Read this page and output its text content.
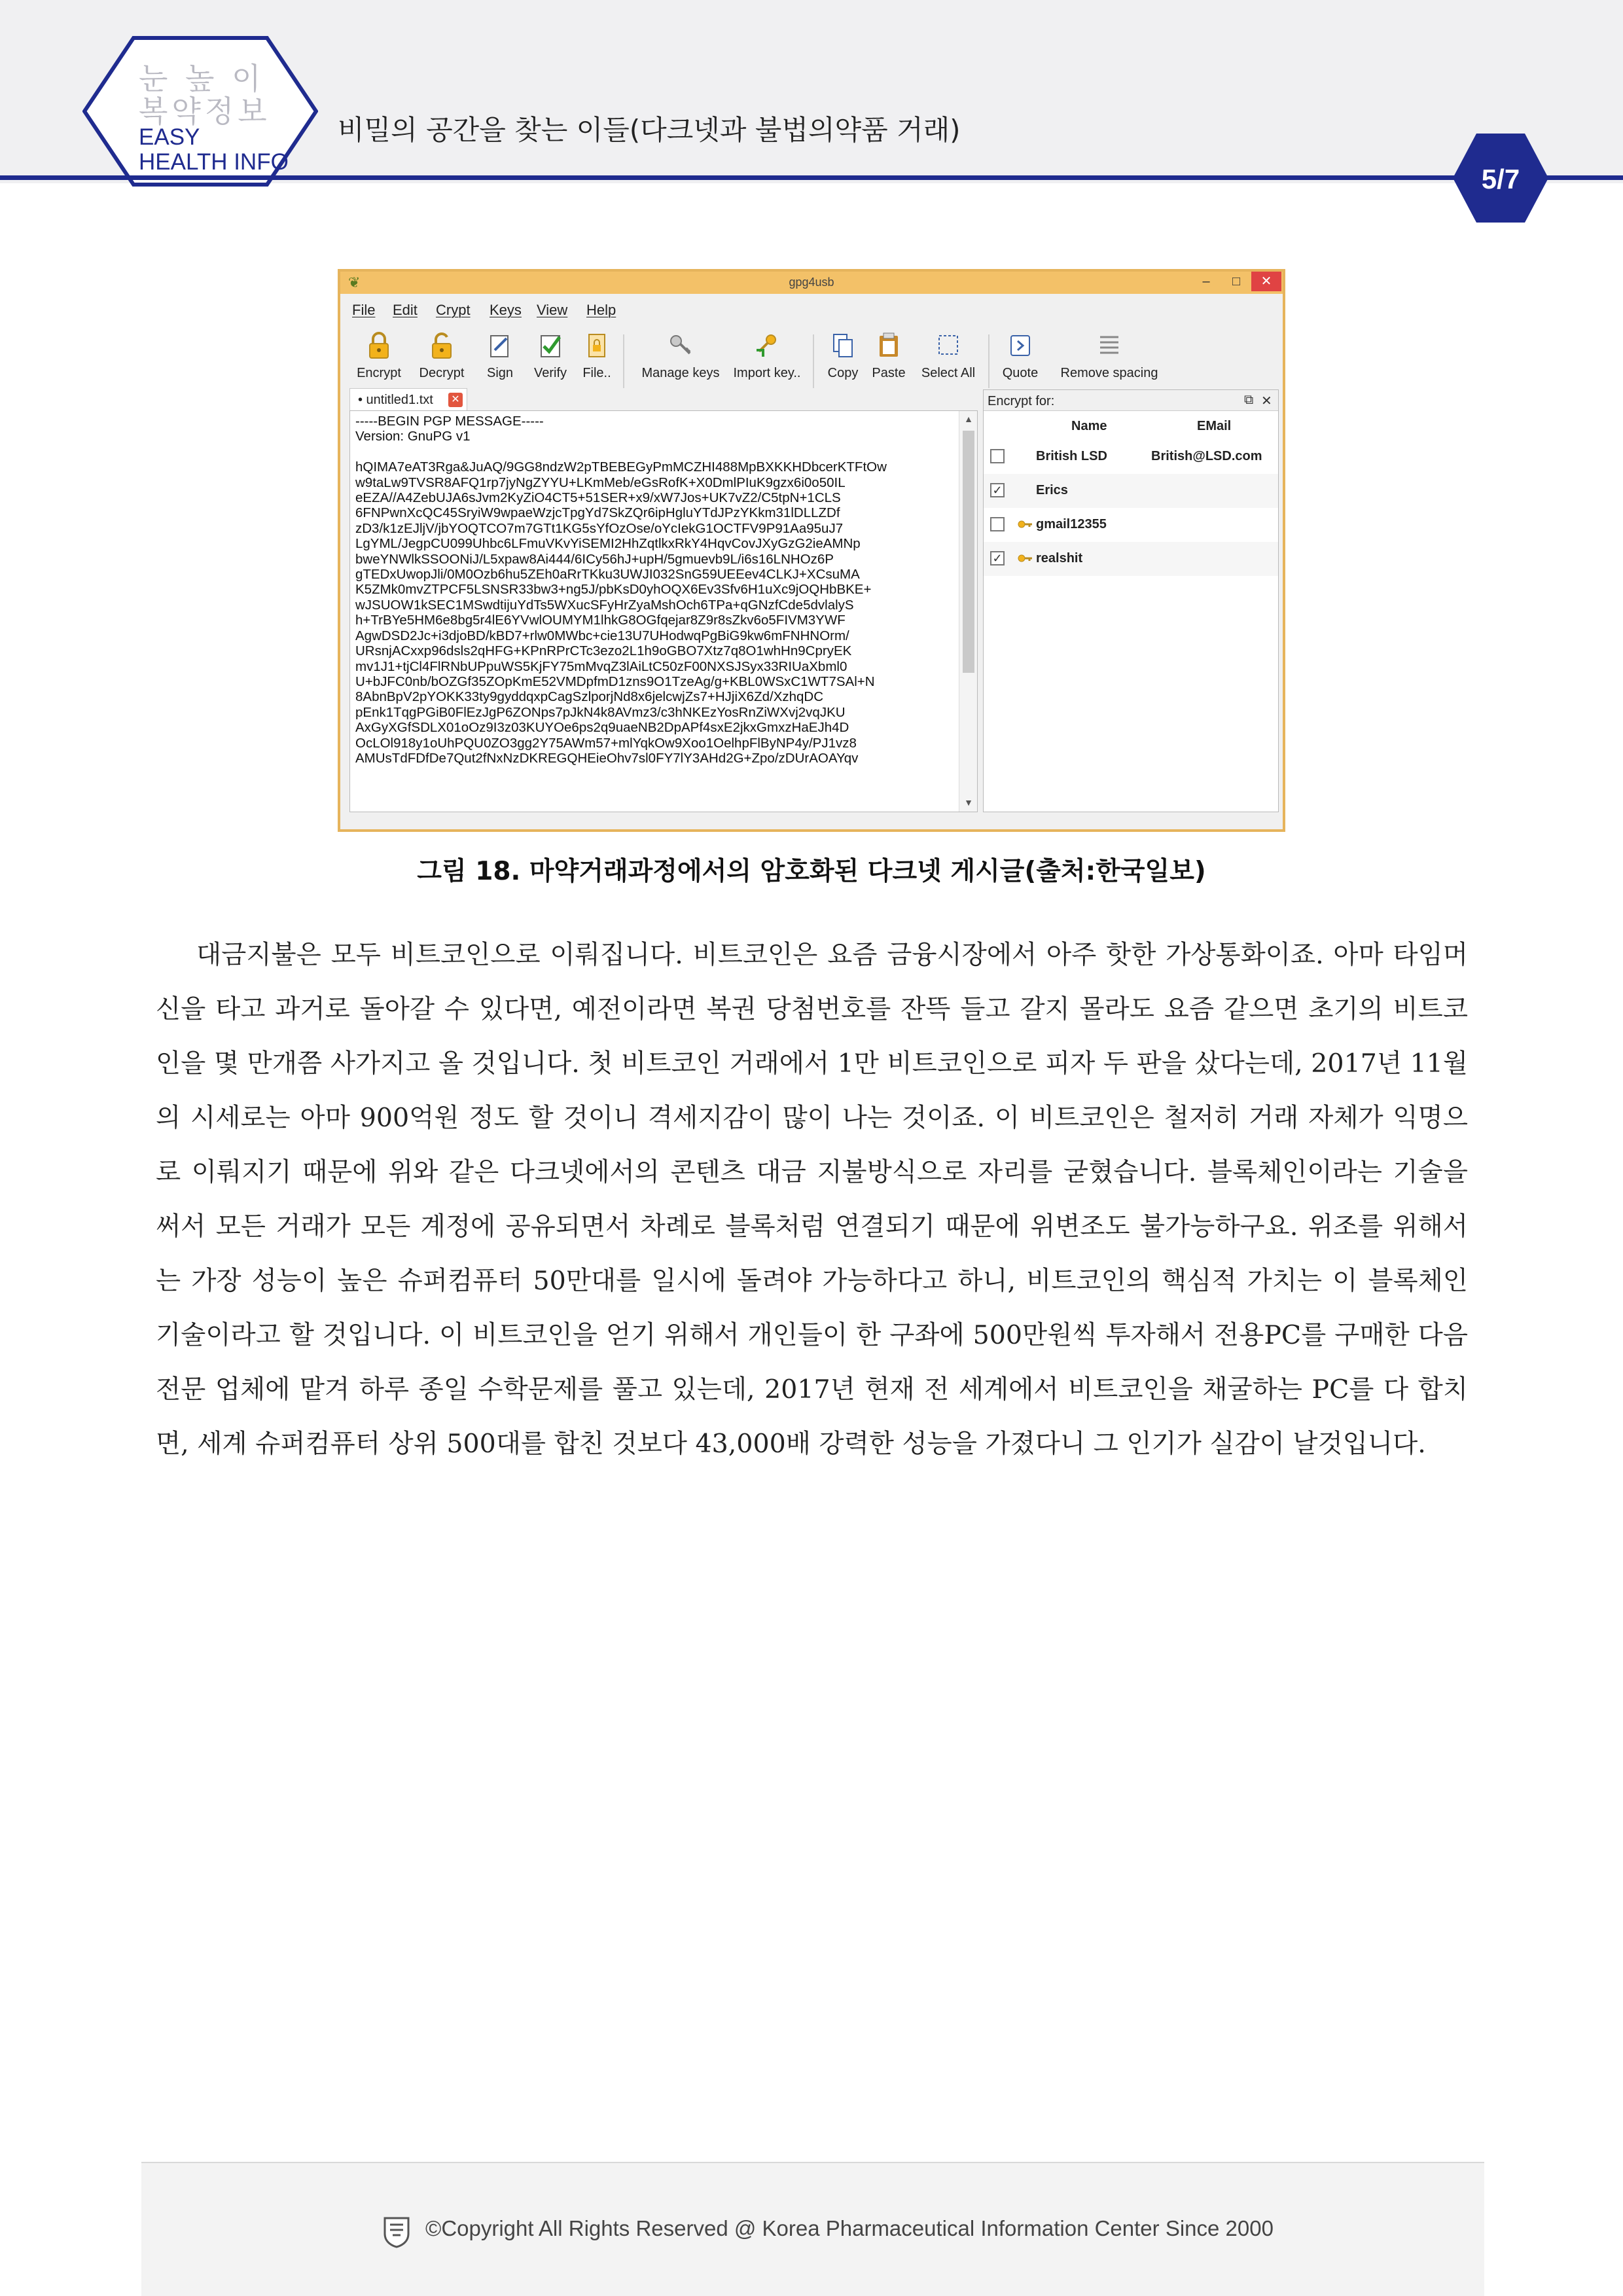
눈 높 이
복약정보
EASY
HEALTH INFO
비밀의 공간을 찾는 이들(다크넷과 불법의약품 거래)
5/7
❦	gpg4usb	–	□	✕
File Edit Crypt Keys View Help
Encrypt	Decrypt	Sign	Verify	File..	Manage keys	Import key..	Copy	Paste	Select All	Quote	Remove spacing
• untitled1.txt ✕
-----BEGIN PGP MESSAGE-----
Version: GnuPG v1

hQIMA7eAT3Rga&JuAQ/9GG8ndzW2pTBEBEGyPmMCZHI488MpBXKKHDbcerKTFtOw
w9taLw9TVSR8AFQ1rp7jyNgZYYU+LKmMeb/eGsRofK+X0DmlPIuK9gzx6i0o50IL
eEZA//A4ZebUJA6sJvm2KyZiO4CT5+51SER+x9/xW7Jos+UK7vZ2/C5tpN+1CLS
6FNPwnXcQC45SryiW9wpaeWzjcTpgYd7SkZQr6ipHgluYTdJPzYKkm31lDLLZDf
zD3/k1zEJljV/jbYOQTCO7m7GTt1KG5sYfOzOse/oYcIekG1OCTFV9P91Aa95uJ7
LgYML/JegpCU099Uhbc6LFmuVKvYiSEMI2HhZqtlkxRkY4HqvCovJXyGzG2ieAMNp
bweYNWlkSSOONiJ/L5xpaw8Ai444/6ICy56hJ+upH/5gmuevb9L/i6s16LNHOz6P
gTEDxUwopJli/0M0Ozb6hu5ZEh0aRrTKku3UWJI032SnG59UEEev4CLKJ+XCsuMA
K5ZMk0mvZTPCF5LSNSR33bw3+ng5J/pbKsD0yhOQX6Ev3Sfv6H1uXc9jOQHbBKE+
wJSUOW1kSEC1MSwdtijuYdTs5WXucSFyHrZyaMshOch6TPa+qGNzfCde5dvlalyS
h+TrBYe5HM6e8bg5r4lE6YVwlOUMYM1lhkG8OGfqejar8Z9r8sZkv6o5FIVM3YWF
AgwDSD2Jc+i3djoBD/kBD7+rlw0MWbc+cie13U7UHodwqPgBiG9kw6mFNHNOrm/
URsnjACxxp96dsls2qHFG+KPnRPrCTc3ezo2L1h9oGBO7Xtz7q8O1whHn9CpryEK
mv1J1+tjCl4FlRNbUPpuWS5KjFY75mMvqZ3lAiLtC50zF00NXSJSyx33RIUaXbml0
U+bJFC0nb/bOZGf35ZOpKmE52VMDpfmD1zns9O1TzeAg/g+KBL0WSxC1WT7SAl+N
8AbnBpV2pYOKK33ty9gyddqxpCagSzlporjNd8x6jelcwjZs7+HJjiX6Zd/XzhqDC
pEnk1TqgPGiB0FlEzJgP6ZONps7pJkN4k8AVmz3/c3hNKEzYosRnZiWXvj2vqJKU
AxGyXGfSDLX01oOz9I3z03KUYOe6ps2q9uaeNB2DpAPf4sxE2jkxGmxzHaEJh4D
OcLOl918y1oUhPQU0ZO3gg2Y75AWm57+mlYqkOw9Xoo1OelhpFlByNP4y/PJ1vz8
AMUsTdFDfDe7Qut2fNxNzDKREGQHEieOhv7sl0FY7lY3AHd2G+Zpo/zDUrAOAYqv
▲
▼
Encrypt for:	⧉ ✕
Name	EMail
British LSD	British@LSD.com
✓	Erics
gmail12355
✓	realshit
그림 18. 마약거래과정에서의 암호화된 다크넷 게시글(출처:한국일보)
대금지불은 모두 비트코인으로 이뤄집니다. 비트코인은 요즘 금융시장에서 아주 핫한 가상통화이죠. 아마 타임머신을 타고 과거로 돌아갈 수 있다면, 예전이라면 복권 당첨번호를 잔뜩 들고 갈지 몰라도 요즘 같으면 초기의 비트코인을 몇 만개쯤 사가지고 올 것입니다. 첫 비트코인 거래에서 1만 비트코인으로 피자 두 판을 샀다는데, 2017년 11월의 시세로는 아마 900억원 정도 할 것이니 격세지감이 많이 나는 것이죠. 이 비트코인은 철저히 거래 자체가 익명으로 이뤄지기 때문에 위와 같은 다크넷에서의 콘텐츠 대금 지불방식으로 자리를 굳혔습니다. 블록체인이라는 기술을 써서 모든 거래가 모든 계정에 공유되면서 차례로 블록처럼 연결되기 때문에 위변조도 불가능하구요. 위조를 위해서는 가장 성능이 높은 슈퍼컴퓨터 50만대를 일시에 돌려야 가능하다고 하니, 비트코인의 핵심적 가치는 이 블록체인 기술이라고 할 것입니다. 이 비트코인을 얻기 위해서 개인들이 한 구좌에 500만원씩 투자해서 전용PC를 구매한 다음 전문 업체에 맡겨 하루 종일 수학문제를 풀고 있는데, 2017년 현재 전 세계에서 비트코인을 채굴하는 PC를 다 합치면, 세계 슈퍼컴퓨터 상위 500대를 합친 것보다 43,000배 강력한 성능을 가졌다니 그 인기가 실감이 날것입니다.
©Copyright All Rights Reserved @ Korea Pharmaceutical Information Center Since 2000
